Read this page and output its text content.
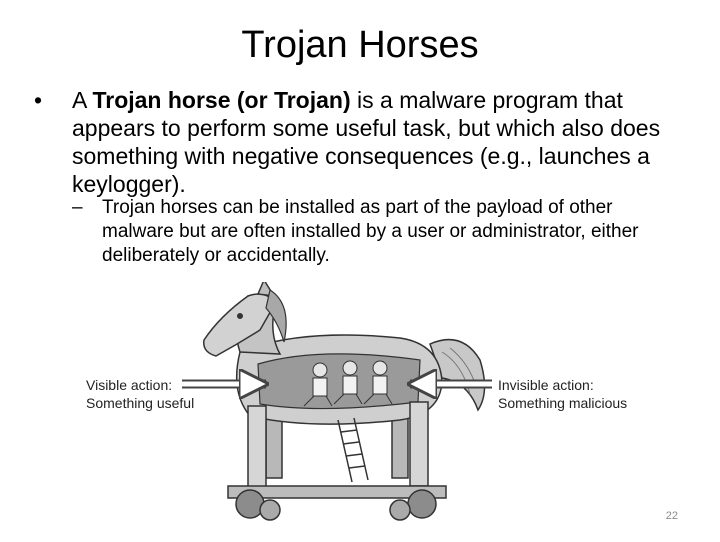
Trojan Horses
• A Trojan horse (or Trojan) is a malware program that appears to perform some useful task, but which also does something with negative consequences (e.g., launches a keylogger).
– Trojan horses can be installed as part of the payload of other malware but are often installed by a user or administrator, either deliberately or accidentally.
Visible action:
Something useful
Invisible action:
Something malicious
22
